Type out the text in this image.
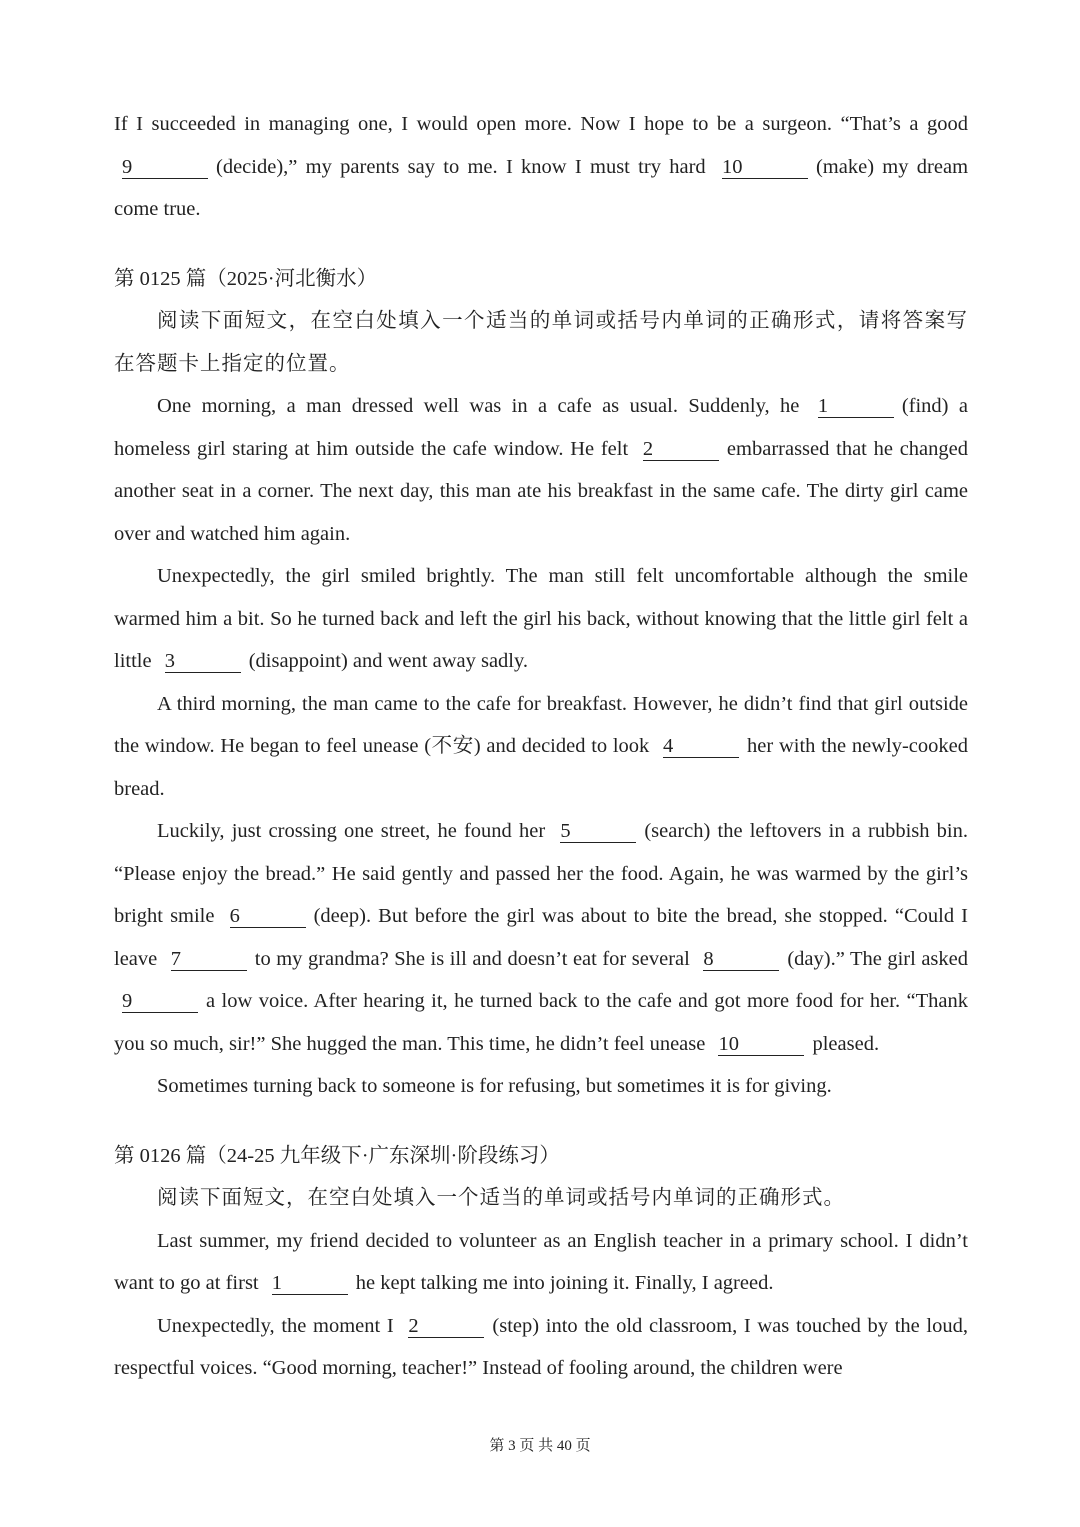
If I succeeded in managing one, I would open more. Now I hope to be a surgeon. “That’s a good 9	(decide),” my parents say to me. I know I must try hard 10	(make) my dream come true.

第 0125 篇（2025·河北衡水）

阅读下面短文，在空白处填入一个适当的单词或括号内单词的正确形式，请将答案写在答题卡上指定的位置。

One morning, a man dressed well was in a cafe as usual. Suddenly, he 1	(find) a homeless girl staring at him outside the cafe window. He felt 2	embarrassed that he changed another seat in a corner. The next day, this man ate his breakfast in the same cafe. The dirty girl came over and watched him again.

Unexpectedly, the girl smiled brightly. The man still felt uncomfortable although the smile warmed him a bit. So he turned back and left the girl his back, without knowing that the little girl felt a little 3	(disappoint) and went away sadly.

A third morning, the man came to the cafe for breakfast. However, he didn’t find that girl outside the window. He began to feel unease (不安) and decided to look 4	her with the newly-cooked bread.

Luckily, just crossing one street, he found her 5	(search) the leftovers in a rubbish bin. “Please enjoy the bread.” He said gently and passed her the food. Again, he was warmed by the girl’s bright smile 6	(deep). But before the girl was about to bite the bread, she stopped. “Could I leave 7	to my grandma? She is ill and doesn’t eat for several 8	(day).” The girl asked 9	a low voice. After hearing it, he turned back to the cafe and got more food for her. “Thank you so much, sir!” She hugged the man. This time, he didn’t feel unease 10	pleased.

Sometimes turning back to someone is for refusing, but sometimes it is for giving.

第 0126 篇（24-25 九年级下·广东深圳·阶段练习）

阅读下面短文，在空白处填入一个适当的单词或括号内单词的正确形式。

Last summer, my friend decided to volunteer as an English teacher in a primary school. I didn’t want to go at first 1	he kept talking me into joining it. Finally, I agreed.

Unexpectedly, the moment I 2	(step) into the old classroom, I was touched by the loud, respectful voices. “Good morning, teacher!” Instead of fooling around, the children were

第 3 页 共 40 页
